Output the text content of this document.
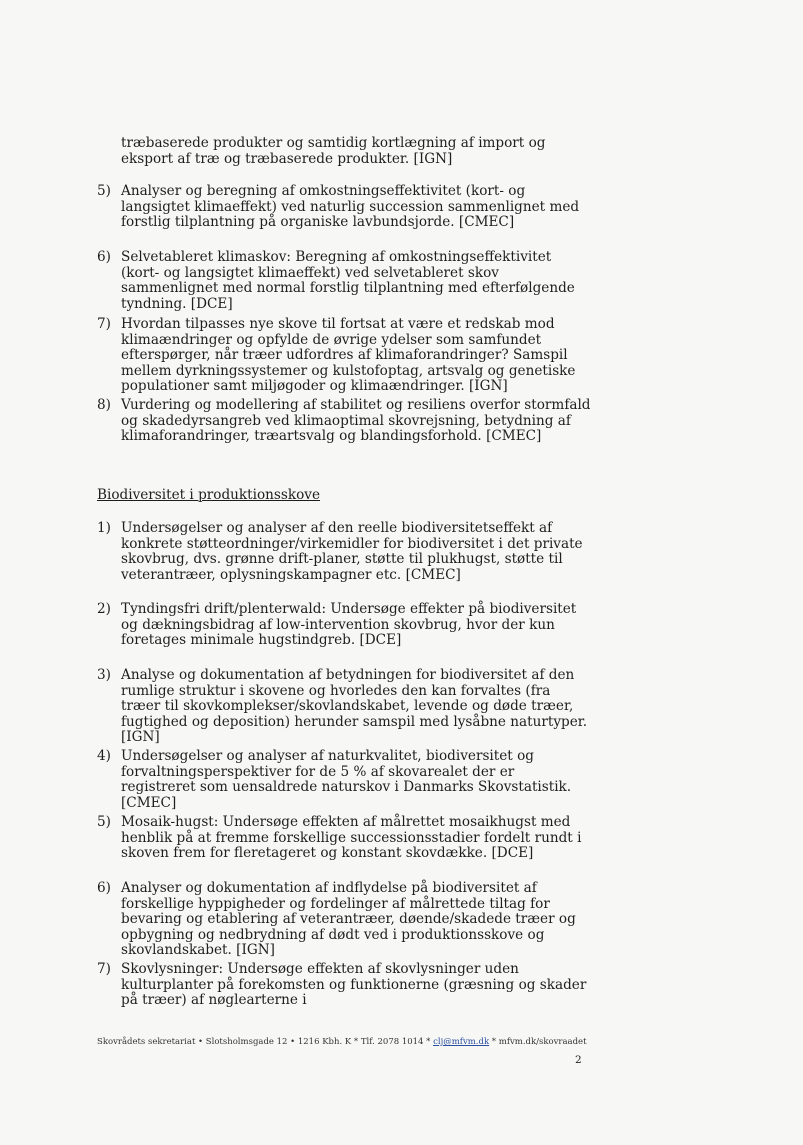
træbaserede produkter og samtidig kortlægning af import og eksport af træ og træbaserede produkter. [IGN]
5) Analyser og beregning af omkostningseffektivitet (kort- og langsigtet klimaeffekt) ved naturlig succession sammenlignet med forstlig tilplantning på organiske lavbundsjorde. [CMEC]
6) Selvetableret klimaskov: Beregning af omkostningseffektivitet (kort- og langsigtet klimaeffekt) ved selvetableret skov sammenlignet med normal forstlig tilplantning med efterfølgende tyndning. [DCE]
7) Hvordan tilpasses nye skove til fortsat at være et redskab mod klimaændringer og opfylde de øvrige ydelser som samfundet efterspørger, når træer udfordres af klimaforandringer? Samspil mellem dyrkningssystemer og kulstofoptag, artsvalg og genetiske populationer samt miljøgoder og klimaændringer. [IGN]
8) Vurdering og modellering af stabilitet og resiliens overfor stormfald og skadedyrsangreb ved klimaoptimal skovrejsning, betydning af klimaforandringer, træartsvalg og blandingsforhold. [CMEC]
Biodiversitet i produktionsskove
1) Undersøgelser og analyser af den reelle biodiversitetseffekt af konkrete støtteordninger/virkemidler for biodiversitet i det private skovbrug, dvs. grønne drift-planer, støtte til plukhugst, støtte til veterantræer, oplysningskampagner etc. [CMEC]
2) Tyndingsfri drift/plenterwald: Undersøge effekter på biodiversitet og dækningsbidrag af low-intervention skovbrug, hvor der kun foretages minimale hugstindgreb. [DCE]
3) Analyse og dokumentation af betydningen for biodiversitet af den rumlige struktur i skovene og hvorledes den kan forvaltes (fra træer til skovkomplekser/skovlandskabet, levende og døde træer, fugtighed og deposition) herunder samspil med lysåbne naturtyper. [IGN]
4) Undersøgelser og analyser af naturkvalitet, biodiversitet og forvaltningsperspektiver for de 5 % af skovarealet der er registreret som uensaldrede naturskov i Danmarks Skovstatistik. [CMEC]
5) Mosaik-hugst: Undersøge effekten af målrettet mosaikhugst med henblik på at fremme forskellige successionsstadier fordelt rundt i skoven frem for fleretageret og konstant skovdække. [DCE]
6) Analyser og dokumentation af indflydelse på biodiversitet af forskellige hyppigheder og fordelinger af målrettede tiltag for bevaring og etablering af veterantræer, døende/skadede træer og opbygning og nedbrydning af dødt ved i produktionsskove og skovlandskabet. [IGN]
7) Skovlysninger: Undersøge effekten af skovlysninger uden kulturplanter på forekomsten og funktionerne (græsning og skader på træer) af nøglearterne i
Skovrådets sekretariat • Slotsholmsgade 12 • 1216 Kbh. K * Tlf. 2078 1014 * clj@mfvm.dk * mfvm.dk/skovraadet
2
